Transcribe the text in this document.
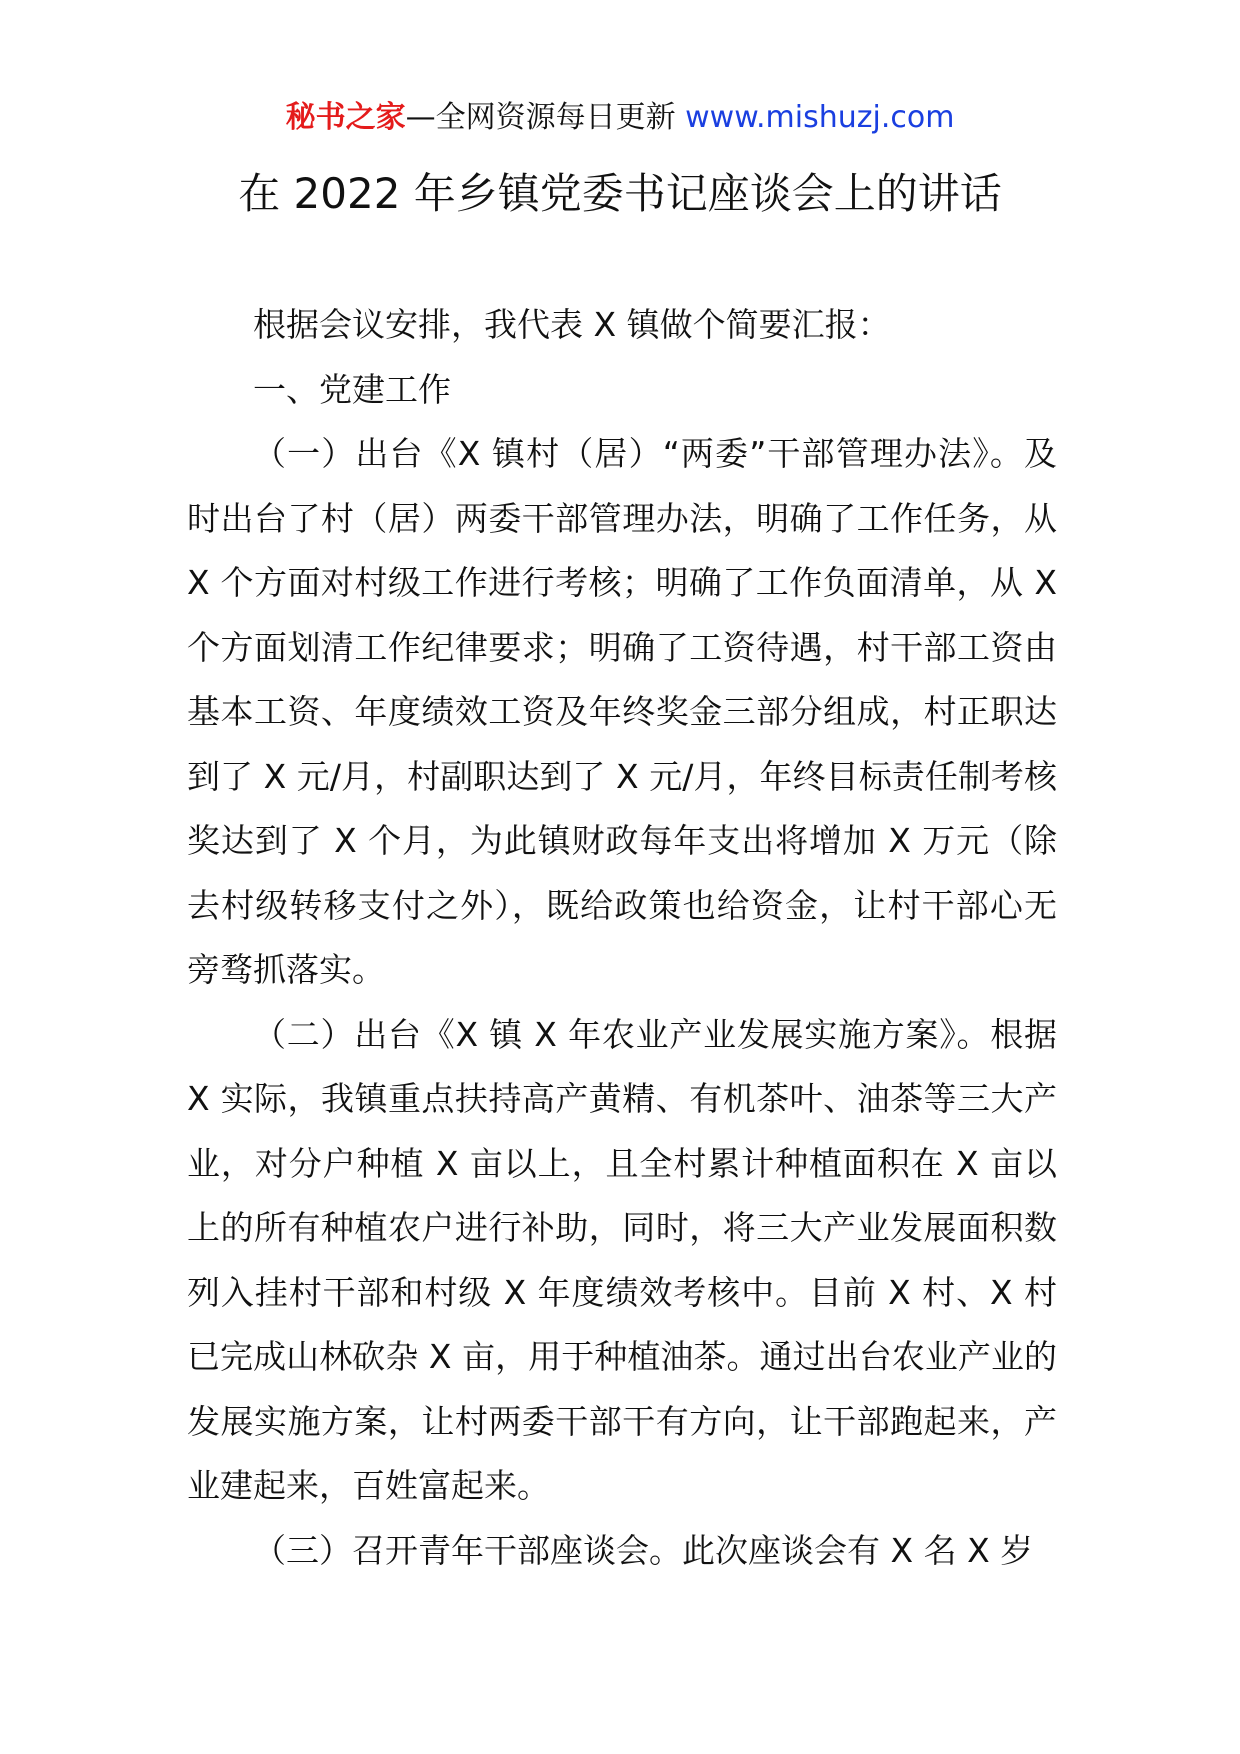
秘书之家—全网资源每日更新 www.mishuzj.com
在 2022 年乡镇党委书记座谈会上的讲话

根据会议安排，我代表 X 镇做个简要汇报：

一、党建工作

（一）出台《X 镇村（居）“两委”干部管理办法》。及时出台了村（居）两委干部管理办法，明确了工作任务，从 X 个方面对村级工作进行考核；明确了工作负面清单，从 X 个方面划清工作纪律要求；明确了工资待遇，村干部工资由基本工资、年度绩效工资及年终奖金三部分组成，村正职达到了 X 元/月，村副职达到了 X 元/月，年终目标责任制考核奖达到了 X 个月，为此镇财政每年支出将增加 X 万元（除去村级转移支付之外），既给政策也给资金，让村干部心无旁骛抓落实。

（二）出台《X 镇 X 年农业产业发展实施方案》。根据 X 实际，我镇重点扶持高产黄精、有机茶叶、油茶等三大产业，对分户种植 X 亩以上，且全村累计种植面积在 X 亩以上的所有种植农户进行补助，同时，将三大产业发展面积数列入挂村干部和村级 X 年度绩效考核中。目前 X 村、X 村已完成山林砍杂 X 亩，用于种植油茶。通过出台农业产业的发展实施方案，让村两委干部干有方向，让干部跑起来，产业建起来，百姓富起来。

（三）召开青年干部座谈会。此次座谈会有 X 名 X 岁
